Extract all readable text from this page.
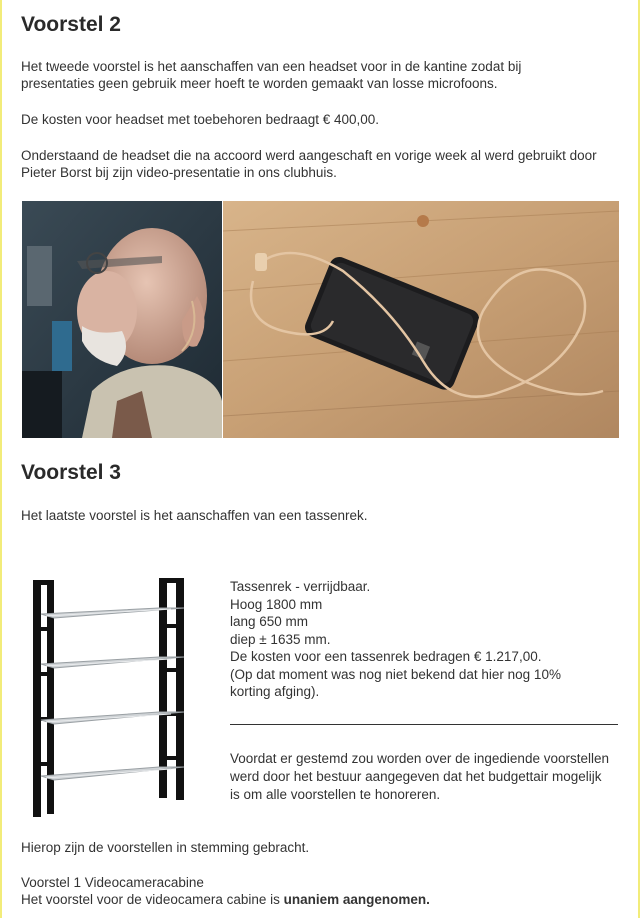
Voorstel 2

Het tweede voorstel is het aanschaffen van een headset voor in de kantine zodat bij presentaties geen gebruik meer hoeft te worden gemaakt van losse microfoons.

De kosten voor headset met toebehoren bedraagt € 400,00.

Onderstaand de headset die na accoord werd aangeschaft en vorige week al werd gebruikt door Pieter Borst bij zijn video-presentatie in ons clubhuis.

Voorstel 3

Het laatste voorstel is het aanschaffen van een tassenrek.

Tassenrek - verrijdbaar.
Hoog 1800 mm
lang 650 mm
diep ± 1635 mm.
De kosten voor een tassenrek bedragen € 1.217,00.
(Op dat moment was nog niet bekend dat hier nog 10%
korting afging).
Voordat er gestemd zou worden over de ingediende voorstellen werd door het bestuur aangegeven dat het budgettair mogelijk is om alle voorstellen te honoreren.

Hierop zijn de voorstellen in stemming gebracht.

Voorstel 1 Videocameracabine

Het voorstel voor de videocamera cabine is unaniem aangenomen.
